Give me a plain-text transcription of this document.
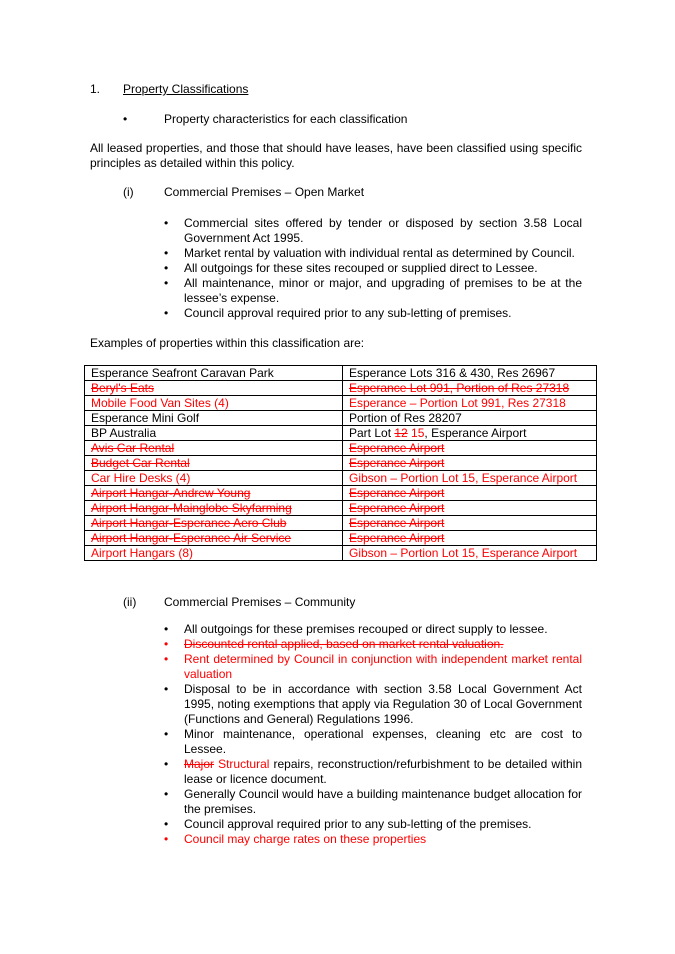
1. Property Classifications
•	Property characteristics for each classification

All leased properties, and those that should have leases, have been classified using specific principles as detailed within this policy.

(i)	Commercial Premises – Open Market
• Commercial sites offered by tender or disposed by section 3.58 Local Government Act 1995.
• Market rental by valuation with individual rental as determined by Council.
• All outgoings for these sites recouped or supplied direct to Lessee.
• All maintenance, minor or major, and upgrading of premises to be at the lessee’s expense.
• Council approval required prior to any sub-letting of premises.

Examples of properties within this classification are:

Esperance Seafront Caravan Park	Esperance Lots 316 & 430, Res 26967
Beryl's Eats	Esperance Lot 991, Portion of Res 27318
Mobile Food Van Sites (4)	Esperance – Portion Lot 991, Res 27318
Esperance Mini Golf	Portion of Res 28207
BP Australia	Part Lot 12 15, Esperance Airport
Avis Car Rental	Esperance Airport
Budget Car Rental	Esperance Airport
Car Hire Desks (4)	Gibson – Portion Lot 15, Esperance Airport
Airport Hangar-Andrew Young	Esperance Airport
Airport Hangar-Mainglobe Skyfarming	Esperance Airport
Airport Hangar-Esperance Aero Club	Esperance Airport
Airport Hangar-Esperance Air Service	Esperance Airport
Airport Hangars (8)	Gibson – Portion Lot 15, Esperance Airport
(ii) Commercial Premises – Community
• All outgoings for these premises recouped or direct supply to lessee.
• Discounted rental applied, based on market rental valuation.
• Rent determined by Council in conjunction with independent market rental valuation
• Disposal to be in accordance with section 3.58 Local Government Act 1995, noting exemptions that apply via Regulation 30 of Local Government (Functions and General) Regulations 1996.
• Minor maintenance, operational expenses, cleaning etc are cost to Lessee.
• Major Structural repairs, reconstruction/refurbishment to be detailed within lease or licence document.
• Generally Council would have a building maintenance budget allocation for the premises.
• Council approval required prior to any sub-letting of the premises.
• Council may charge rates on these properties
